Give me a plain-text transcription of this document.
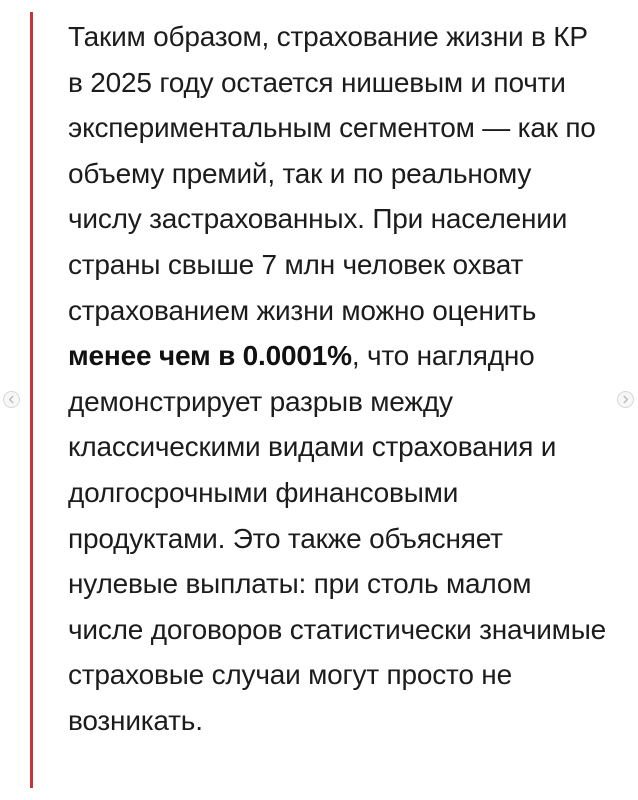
Таким образом, страхование жизни в КР в 2025 году остается нишевым и почти экспериментальным сегментом — как по объему премий, так и по реальному числу застрахованных. При населении страны свыше 7 млн человек охват страхованием жизни можно оценить менее чем в 0.0001%, что наглядно демонстрирует разрыв между классическими видами страхования и долгосрочными финансовыми продуктами. Это также объясняет нулевые выплаты: при столь малом числе договоров статистически значимые страховые случаи могут просто не возникать.
